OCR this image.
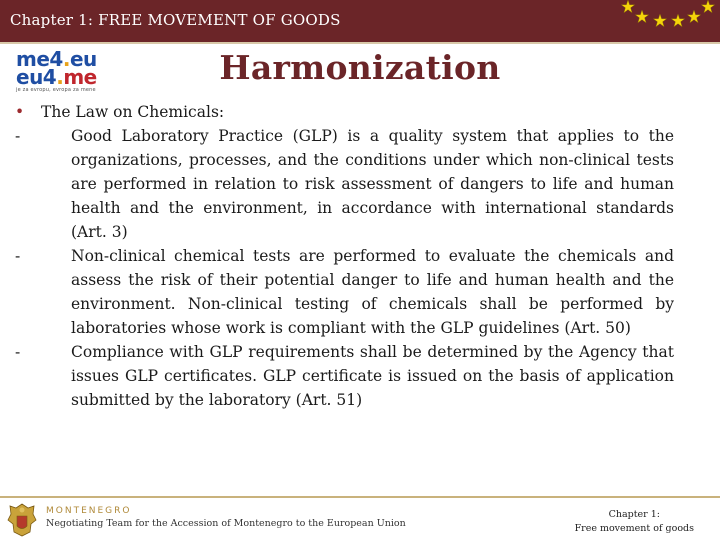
Chapter 1: FREE MOVEMENT OF GOODS
me4.eu
eu4.me
je za evropu, evropa za mene
Harmonization
• The Law on Chemicals:
-	Good Laboratory Practice (GLP) is a quality system that applies to the organizations, processes, and the conditions under which non-clinical tests are performed in relation to risk assessment of dangers to life and human health and the environment, in accordance with international standards (Art. 3)
-	Non-clinical chemical tests are performed to evaluate the chemicals and assess the risk of their potential danger to life and human health and the environment. Non-clinical testing of chemicals shall be performed by laboratories whose work is compliant with the GLP guidelines (Art. 50)
-	Compliance with GLP requirements shall be determined by the Agency that issues GLP certificates. GLP certificate is issued on the basis of application submitted by the laboratory (Art. 51)
MONTENEGRO
Negotiating Team for the Accession of Montenegro to the European Union
Chapter 1:
Free movement of goods
